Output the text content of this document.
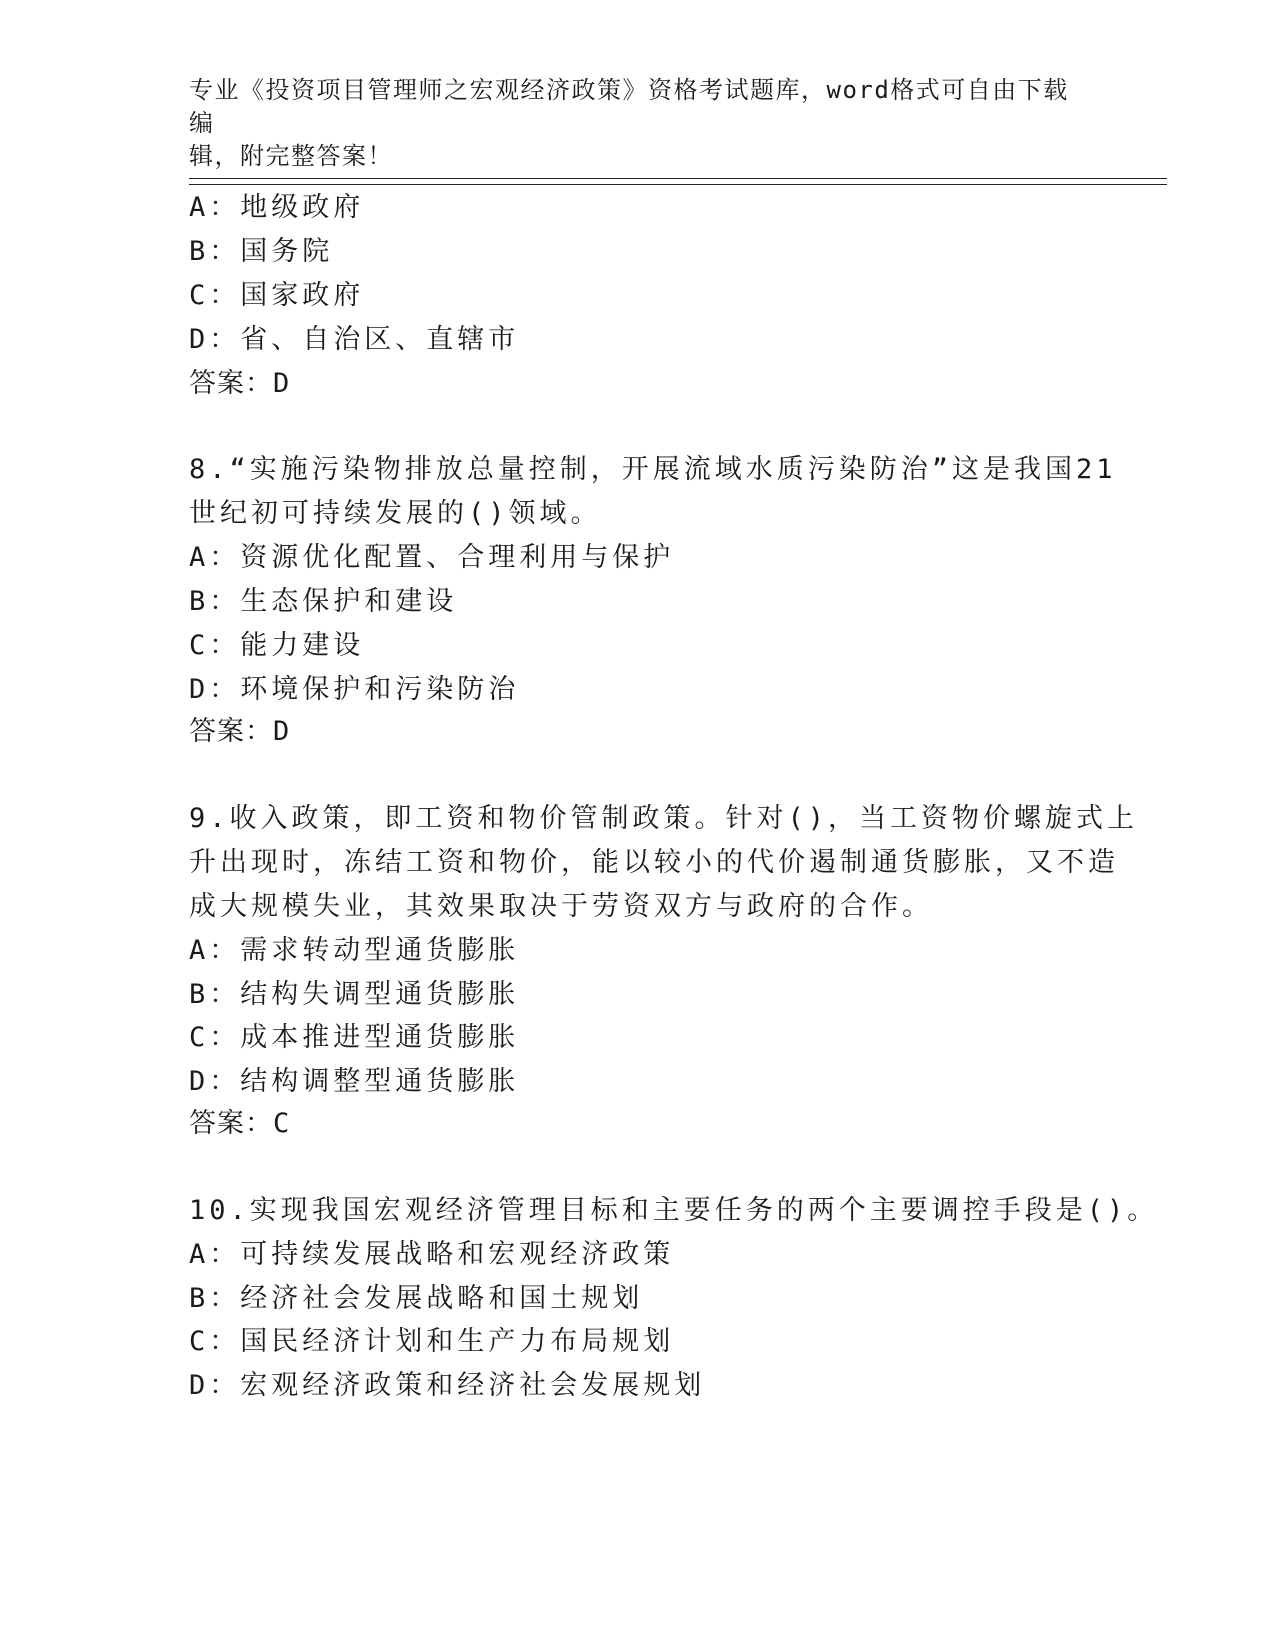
专业《投资项目管理师之宏观经济政策》资格考试题库，word格式可自由下载编
辑，附完整答案！
A：地级政府
B：国务院
C：国家政府
D：省、自治区、直辖市
答案：D
8.“实施污染物排放总量控制，开展流域水质污染防治”这是我国21
世纪初可持续发展的()领域。
A：资源优化配置、合理利用与保护
B：生态保护和建设
C：能力建设
D：环境保护和污染防治
答案：D
9.收入政策，即工资和物价管制政策。针对()，当工资物价螺旋式上
升出现时，冻结工资和物价，能以较小的代价遏制通货膨胀，又不造
成大规模失业，其效果取决于劳资双方与政府的合作。
A：需求转动型通货膨胀
B：结构失调型通货膨胀
C：成本推进型通货膨胀
D：结构调整型通货膨胀
答案：C
10.实现我国宏观经济管理目标和主要任务的两个主要调控手段是()。
A：可持续发展战略和宏观经济政策
B：经济社会发展战略和国土规划
C：国民经济计划和生产力布局规划
D：宏观经济政策和经济社会发展规划
